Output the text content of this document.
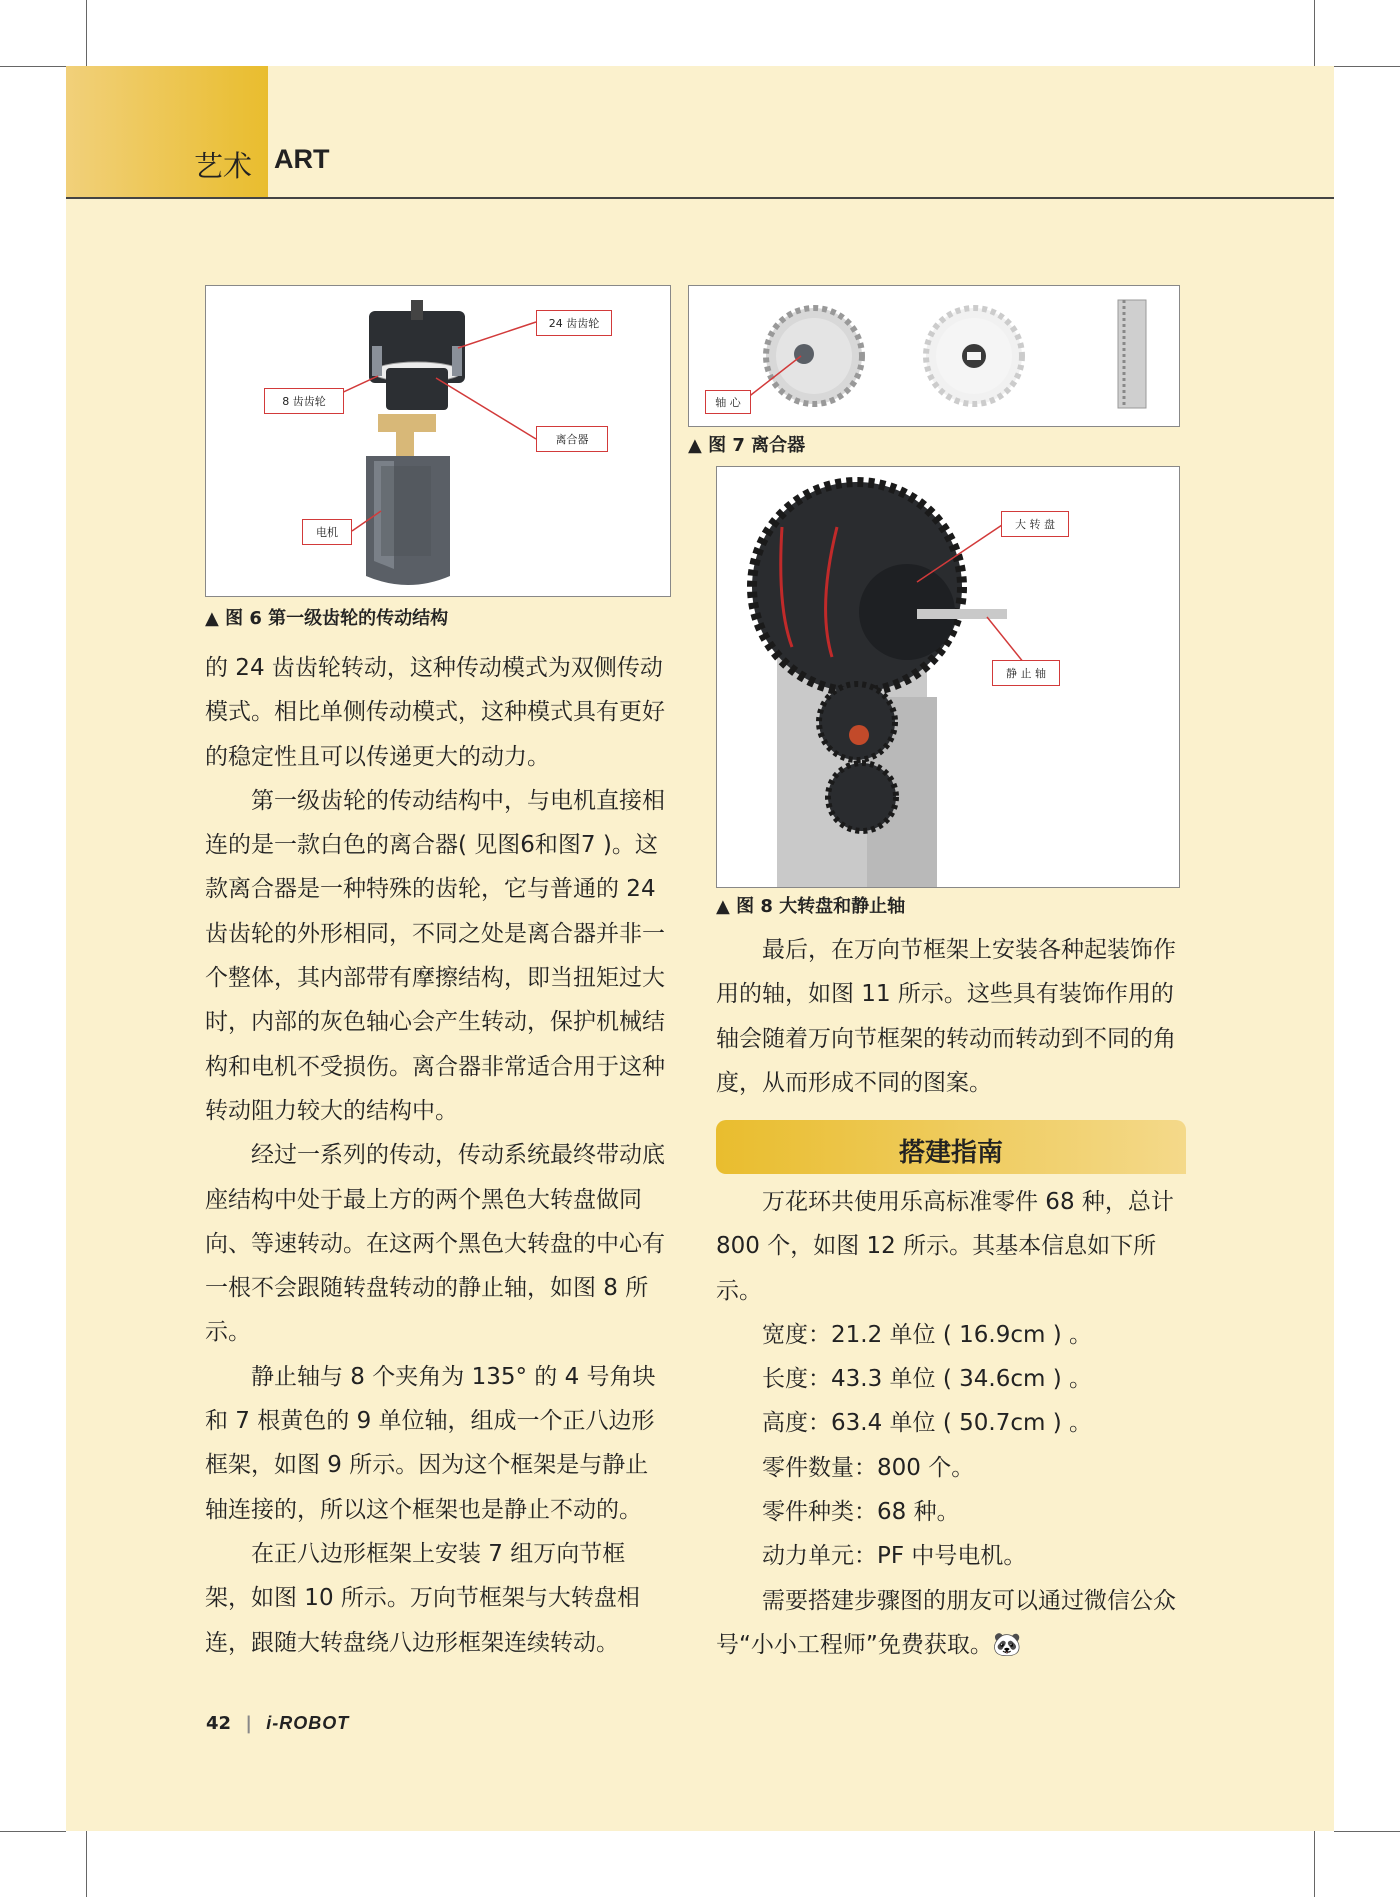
艺术 ART
24 齿齿轮
8 齿齿轮
离合器
电机
▲ 图 6 第一级齿轮的传动结构
轴 心
▲ 图 7 离合器
大 转 盘
静 止 轴
▲ 图 8 大转盘和静止轴

的 24 齿齿轮转动，这种传动模式为双侧传动模式。相比单侧传动模式，这种模式具有更好的稳定性且可以传递更大的动力。

第一级齿轮的传动结构中，与电机直接相连的是一款白色的离合器( 见图6和图7 )。这款离合器是一种特殊的齿轮，它与普通的 24 齿齿轮的外形相同，不同之处是离合器并非一个整体，其内部带有摩擦结构，即当扭矩过大时，内部的灰色轴心会产生转动，保护机械结构和电机不受损伤。离合器非常适合用于这种转动阻力较大的结构中。

经过一系列的传动，传动系统最终带动底座结构中处于最上方的两个黑色大转盘做同向、等速转动。在这两个黑色大转盘的中心有一根不会跟随转盘转动的静止轴，如图 8 所示。

静止轴与 8 个夹角为 135° 的 4 号角块和 7 根黄色的 9 单位轴，组成一个正八边形框架，如图 9 所示。因为这个框架是与静止轴连接的，所以这个框架也是静止不动的。

在正八边形框架上安装 7 组万向节框架，如图 10 所示。万向节框架与大转盘相连，跟随大转盘绕八边形框架连续转动。

最后，在万向节框架上安装各种起装饰作用的轴，如图 11 所示。这些具有装饰作用的轴会随着万向节框架的转动而转动到不同的角度，从而形成不同的图案。

搭建指南

万花环共使用乐高标准零件 68 种，总计 800 个，如图 12 所示。其基本信息如下所示。

宽度：21.2 单位 ( 16.9cm ) 。

长度：43.3 单位 ( 34.6cm ) 。

高度：63.4 单位 ( 50.7cm ) 。

零件数量：800 个。

零件种类：68 种。

动力单元：PF 中号电机。

需要搭建步骤图的朋友可以通过微信公众号“小小工程师”免费获取。🐼

42 | i-ROBOT
